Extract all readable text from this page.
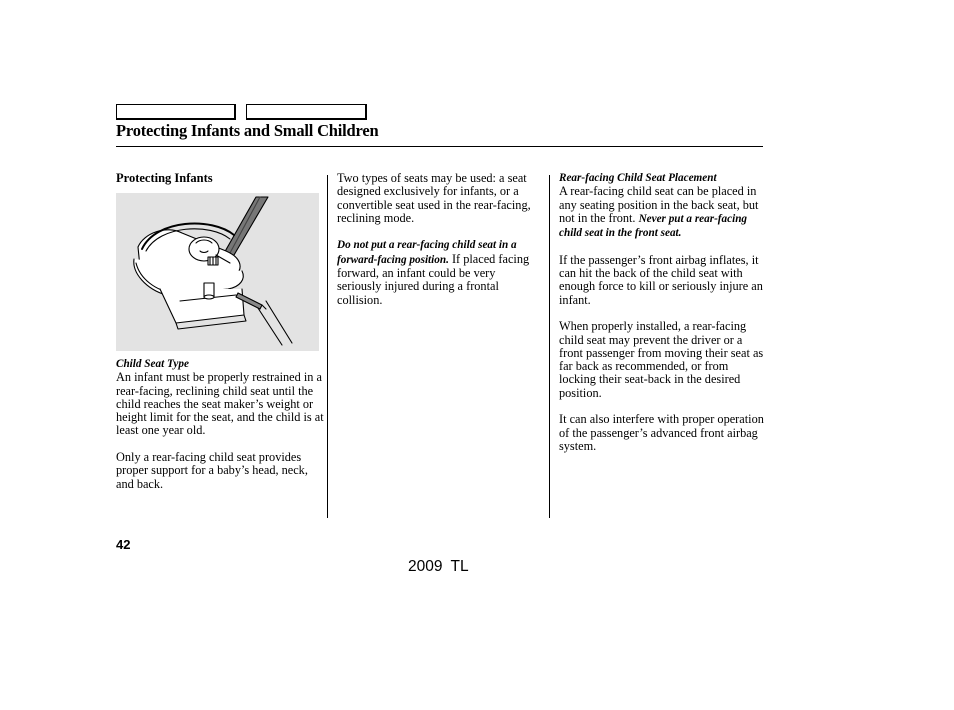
Protecting Infants and Small Children

Protecting Infants

Child Seat Type

An infant must be properly restrained in a rear-facing, reclining child seat until the child reaches the seat maker’s weight or height limit for the seat, and the child is at least one year old.

Only a rear-facing child seat provides proper support for a baby’s head, neck, and back.

Two types of seats may be used: a seat designed exclusively for infants, or a convertible seat used in the rear-facing, reclining mode.

Do not put a rear-facing child seat in a forward-facing position. If placed facing forward, an infant could be very seriously injured during a frontal collision.

Rear-facing Child Seat Placement

A rear-facing child seat can be placed in any seating position in the back seat, but not in the front. Never put a rear-facing child seat in the front seat.

If the passenger’s front airbag inflates, it can hit the back of the child seat with enough force to kill or seriously injure an infant.

When properly installed, a rear-facing child seat may prevent the driver or a front passenger from moving their seat as far back as recommended, or from locking their seat-back in the desired position.

It can also interfere with proper operation of the passenger’s advanced front airbag system.

42
2009 TL
